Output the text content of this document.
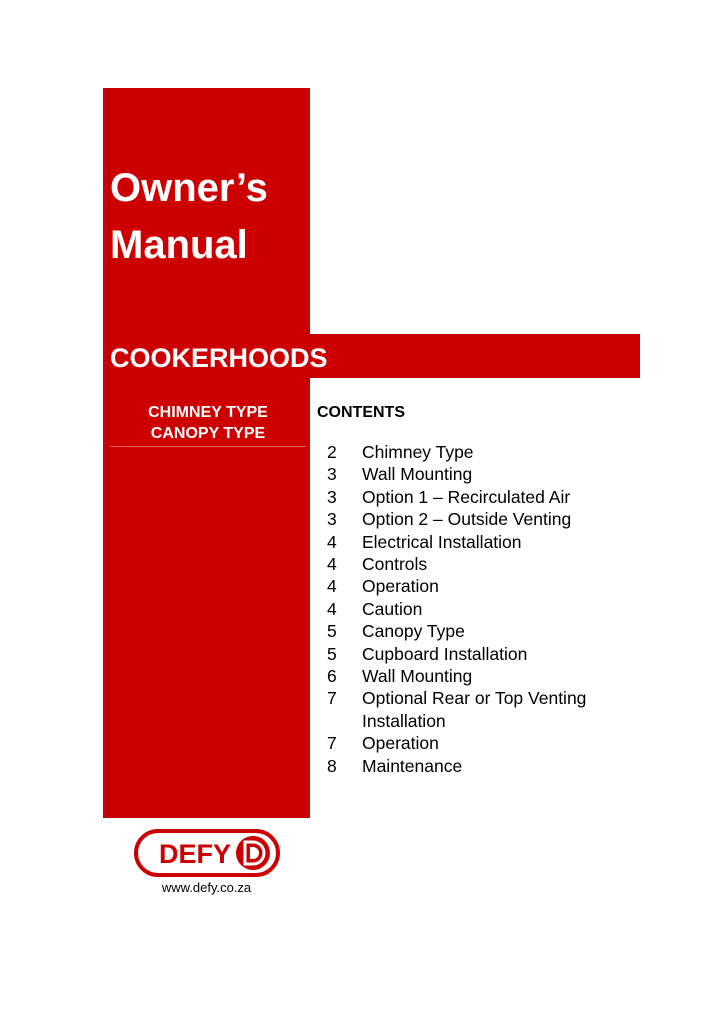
Owner’s
Manual
COOKERHOODS
CHIMNEY TYPE
CANOPY TYPE
CONTENTS
2	Chimney Type
3	Wall Mounting
3	Option 1 – Recirculated Air
3	Option 2 – Outside Venting
4	Electrical Installation
4	Controls
4	Operation
4	Caution
5	Canopy Type
5	Cupboard Installation
6	Wall Mounting
7	Optional Rear or Top Venting Installation
7	Operation
8	Maintenance
DEFY
www.defy.co.za
